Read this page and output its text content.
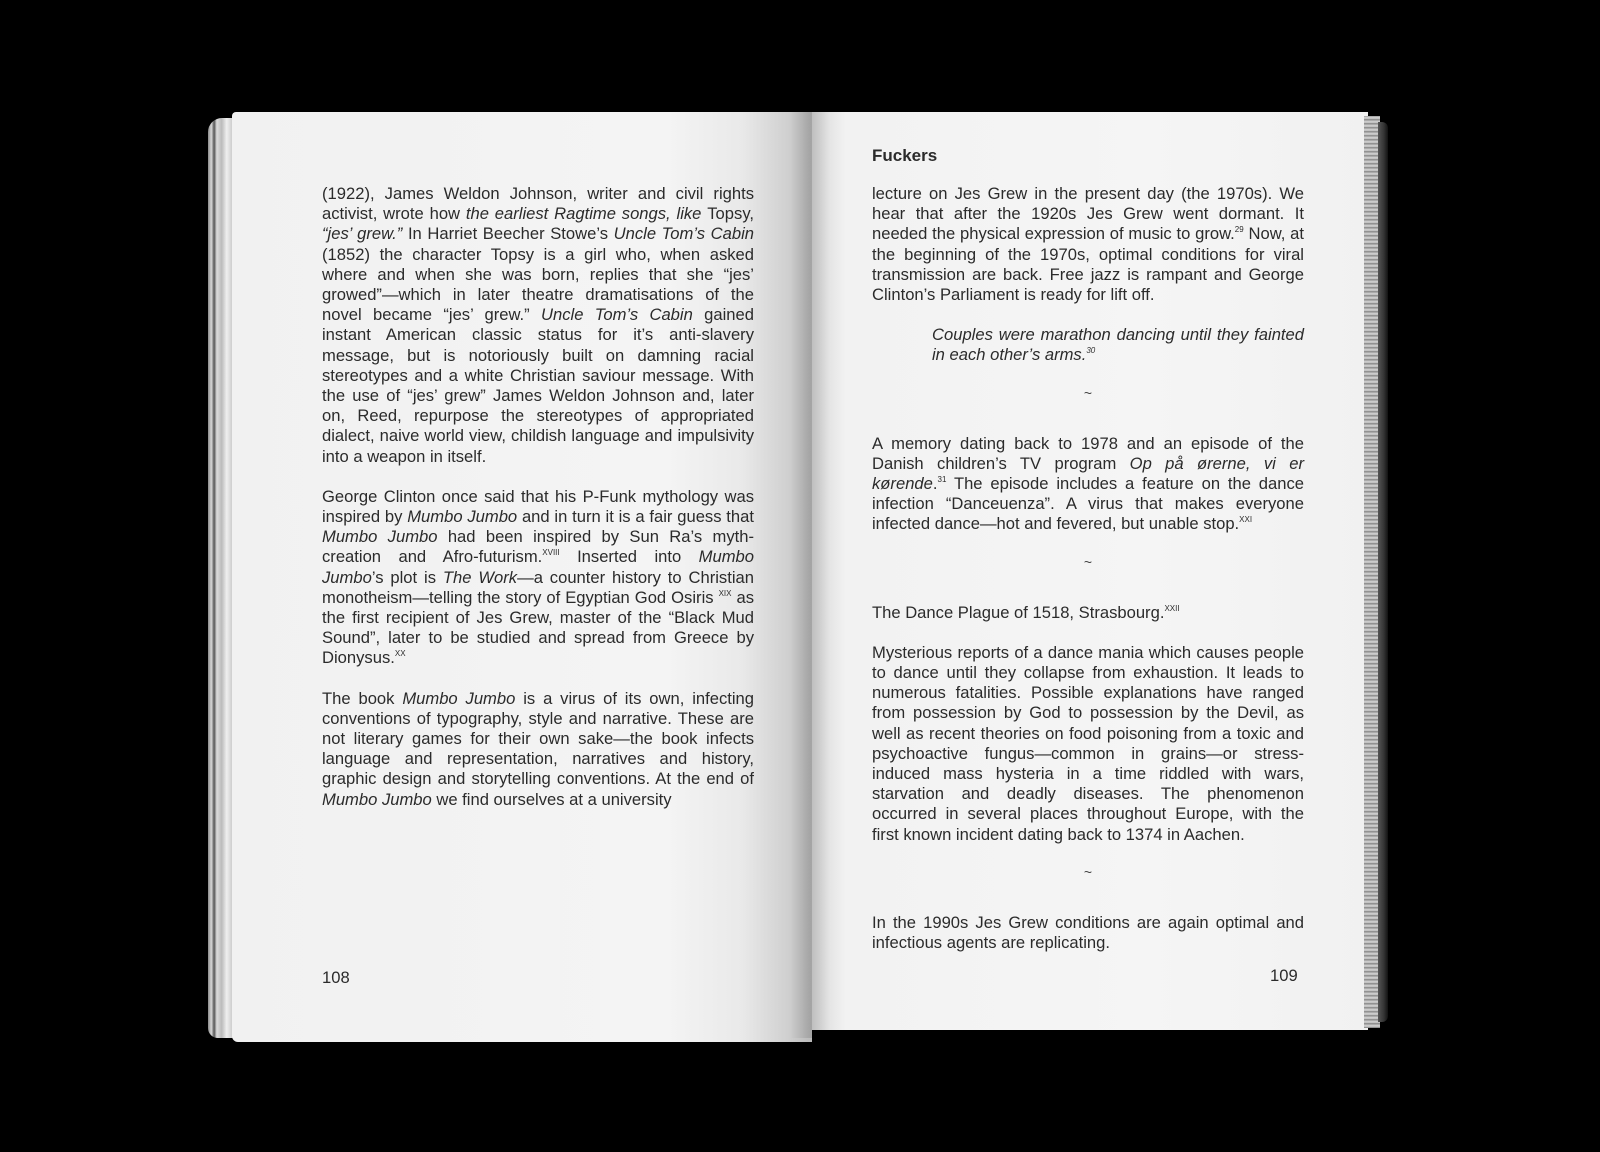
(1922), James Weldon Johnson, writer and civil rights activist, wrote how the earliest Ragtime songs, like Topsy, “jes’ grew.” In Harriet Beecher Stowe’s Uncle Tom’s Cabin (1852) the character Topsy is a girl who, when asked where and when she was born, replies that she “jes’ growed”—which in later theatre dramatisations of the novel became “jes’ grew.” Uncle Tom’s Cabin gained instant American classic status for it’s anti-slavery message, but is notoriously built on damning racial stereotypes and a white Christian saviour message. With the use of “jes’ grew” James Weldon Johnson and, later on, Reed, repurpose the stereotypes of appropriated dialect, naive world view, childish language and impulsivity into a weapon in itself.

George Clinton once said that his P-Funk mythology was inspired by Mumbo Jumbo and in turn it is a fair guess that Mumbo Jumbo had been inspired by Sun Ra’s myth-creation and Afro-futurism.$^{XVIII}$ Inserted into Mumbo Jumbo’s plot is The Work—a counter history to Christian monotheism—telling the story of Egyptian God Osiris $^{XIX}$ as the first recipient of Jes Grew, master of the “Black Mud Sound”, later to be studied and spread from Greece by Dionysus.$^{XX}$

The book Mumbo Jumbo is a virus of its own, infecting conventions of typography, style and narrative. These are not literary games for their own sake—the book infects language and representation, narratives and history, graphic design and storytelling conventions. At the end of Mumbo Jumbo we find ourselves at a university

108
Fuckers

lecture on Jes Grew in the present day (the 1970s). We hear that after the 1920s Jes Grew went dormant. It needed the physical expression of music to grow.$^{29}$ Now, at the beginning of the 1970s, optimal conditions for viral transmission are back. Free jazz is rampant and George Clinton’s Parliament is ready for lift off.

Couples were marathon dancing until they fainted in each other’s arms.$^{30}$

~

A memory dating back to 1978 and an episode of the Danish children’s TV program Op på ørerne, vi er kørende.$^{31}$ The episode includes a feature on the dance infection “Danceuenza”. A virus that makes everyone infected dance—hot and fevered, but unable stop.$^{XXI}$

~

The Dance Plague of 1518, Strasbourg.$^{XXII}$

Mysterious reports of a dance mania which causes people to dance until they collapse from exhaustion. It leads to numerous fatalities. Possible explanations have ranged from possession by God to possession by the Devil, as well as recent theories on food poisoning from a toxic and psychoactive fungus—common in grains—or stress-induced mass hysteria in a time riddled with wars, starvation and deadly diseases. The phenomenon occurred in several places throughout Europe, with the first known incident dating back to 1374 in Aachen.

~

In the 1990s Jes Grew conditions are again optimal and infectious agents are replicating.

109
